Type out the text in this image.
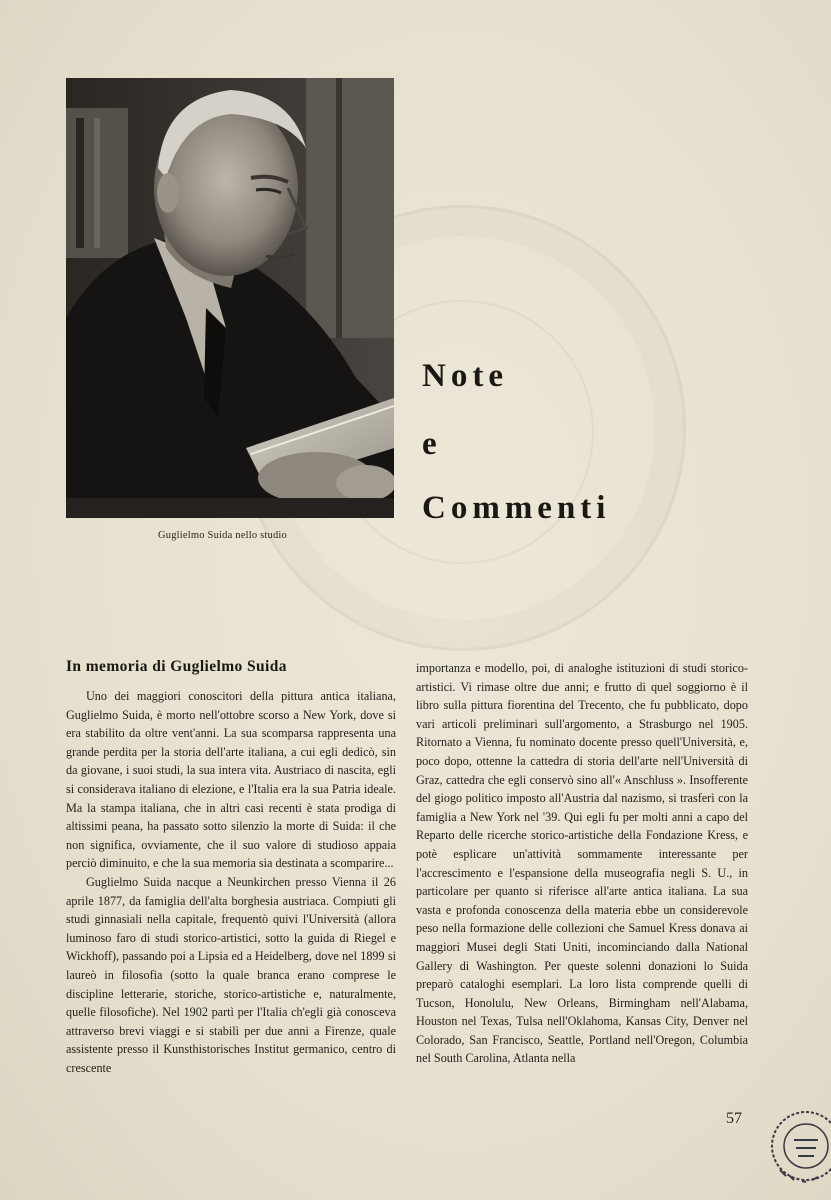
Guglielmo Suida nello studio
Note
e
Commenti
In memoria di Guglielmo Suida

Uno dei maggiori conoscitori della pittura antica italiana, Guglielmo Suida, è morto nell'ottobre scorso a New York, dove si era stabilito da oltre vent'anni. La sua scomparsa rappresenta una grande perdita per la storia dell'arte italiana, a cui egli dedicò, sin da giovane, i suoi studi, la sua intera vita. Austriaco di nascita, egli si considerava italiano di elezione, e l'Italia era la sua Patria ideale. Ma la stampa italiana, che in altri casi recenti è stata prodiga di altissimi peana, ha passato sotto silenzio la morte di Suida: il che non significa, ovviamente, che il suo valore di studioso appaia perciò diminuito, e che la sua memoria sia destinata a scomparire...

Guglielmo Suida nacque a Neunkirchen presso Vienna il 26 aprile 1877, da famiglia dell'alta borghesia austriaca. Compiuti gli studi ginnasiali nella capitale, frequentò quivi l'Università (allora luminoso faro di studi storico-artistici, sotto la guida di Riegel e Wickhoff), passando poi a Lipsia ed a Heidelberg, dove nel 1899 si laureò in filosofia (sotto la quale branca erano comprese le discipline letterarie, storiche, storico-artistiche e, naturalmente, quelle filosofiche). Nel 1902 partì per l'Italia ch'egli già conosceva attraverso brevi viaggi e si stabilì per due anni a Firenze, quale assistente presso il Kunsthistorisches Institut germanico, centro di crescente

importanza e modello, poi, di analoghe istituzioni di studi storico-artistici. Vi rimase oltre due anni; e frutto di quel soggiorno è il libro sulla pittura fiorentina del Trecento, che fu pubblicato, dopo vari articoli preliminari sull'argomento, a Strasburgo nel 1905. Ritornato a Vienna, fu nominato docente presso quell'Università, e, poco dopo, ottenne la cattedra di storia dell'arte nell'Università di Graz, cattedra che egli conservò sino all'« Anschluss ». Insofferente del giogo politico imposto all'Austria dal nazismo, si trasferì con la famiglia a New York nel '39. Qui egli fu per molti anni a capo del Reparto delle ricerche storico-artistiche della Fondazione Kress, e potè esplicare un'attività sommamente interessante per l'accrescimento e l'espansione della museografia negli S. U., in particolare per quanto si riferisce all'arte antica italiana. La sua vasta e profonda conoscenza della materia ebbe un considerevole peso nella formazione delle collezioni che Samuel Kress donava ai maggiori Musei degli Stati Uniti, incominciando dalla National Gallery di Washington. Per queste solenni donazioni lo Suida preparò cataloghi esemplari. La loro lista comprende quelli di Tucson, Honolulu, New Orleans, Birmingham nell'Alabama, Houston nel Texas, Tulsa nell'Oklahoma, Kansas City, Denver nel Colorado, San Francisco, Seattle, Portland nell'Oregon, Columbia nel South Carolina, Atlanta nella

57
